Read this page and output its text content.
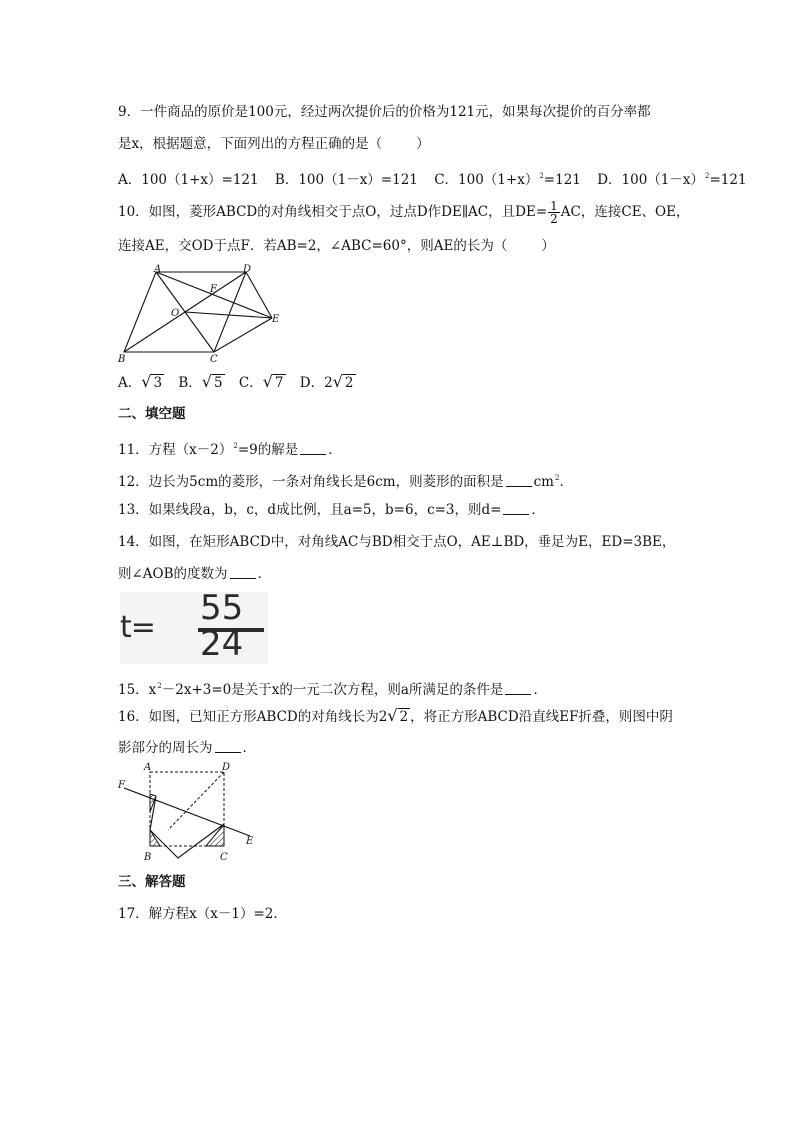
9．一件商品的原价是100元，经过两次提价后的价格为121元，如果每次提价的百分率都
是x，根据题意，下面列出的方程正确的是（	）
A．100（1+x）=121 B．100（1－x）=121 C．$100(1+x)^2=121$ D．$100(1-x)^2=121$
10．如图，菱形ABCD的对角线相交于点O，过点D作DE∥AC，且$DE= \frac{1}{2}$ AC，连接CE、OE，
连接AE，交OD于点F．若AB=2，∠ABC=60°，则AE的长为（	）
A	D
F
O
E
B	C
A．√ 3 B．√ 5 C．√ 7 D．2√ 2
二、填空题
11．方程$(x-2)^2=9$的解是 ．
12．边长为5cm的菱形，一条对角线长是6cm，则菱形的面积是 $cm^2$．
13．如果线段a，b，c，d成比例，且a=5，b=6，c=3，则d= ．
14．如图，在矩形ABCD中，对角线AC与BD相交于点O，AE⊥BD，垂足为E，ED=3BE，
则∠AOB的度数为 ．
t= 55
24
15．$x^2-2x+3=0$是关于x的一元二次方程，则a所满足的条件是 ．
16．如图，已知正方形ABCD的对角线长为2√ 2 ，将正方形ABCD沿直线EF折叠，则图中阴
影部分的周长为 ．
A	D
F
E
B	C
三、解答题
17．解方程x（x－1）=2．
